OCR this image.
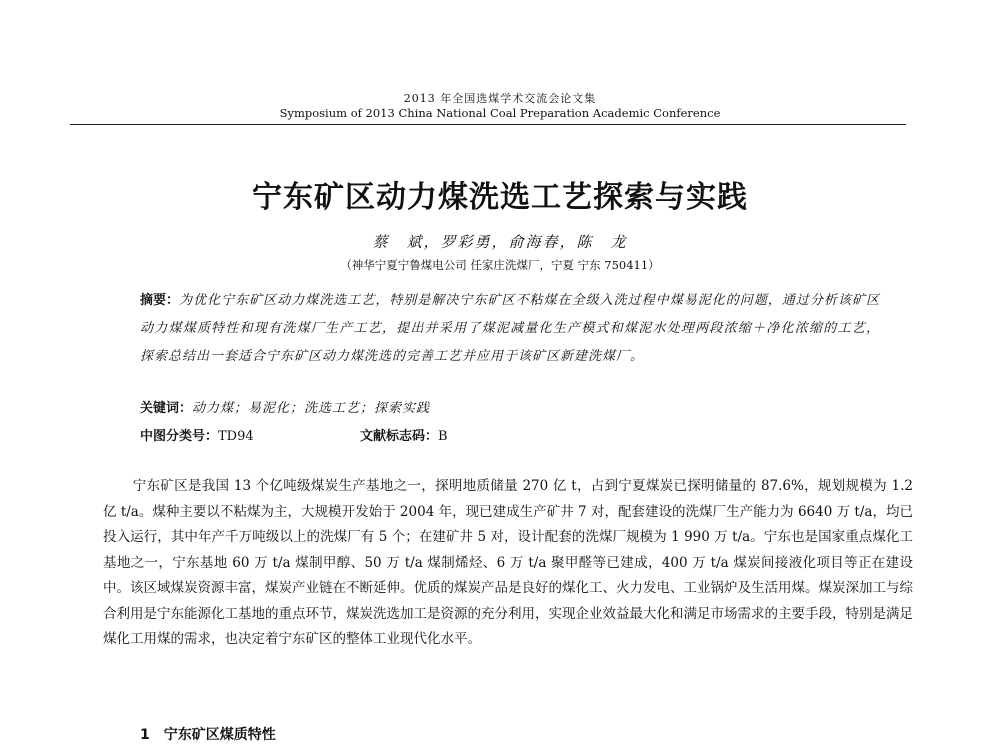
2013 年全国选煤学术交流会论文集
Symposium of 2013 China National Coal Preparation Academic Conference
宁东矿区动力煤洗选工艺探索与实践
蔡　斌，罗彩勇，俞海春，陈　龙
（神华宁夏宁鲁煤电公司 任家庄洗煤厂，宁夏 宁东 750411）
摘要：为优化宁东矿区动力煤洗选工艺，特别是解决宁东矿区不粘煤在全级入洗过程中煤易泥化的问题，通过分析该矿区动力煤煤质特性和现有洗煤厂生产工艺，提出并采用了煤泥减量化生产模式和煤泥水处理两段浓缩＋净化浓缩的工艺，探索总结出一套适合宁东矿区动力煤洗选的完善工艺并应用于该矿区新建洗煤厂。
关键词：动力煤；易泥化；洗选工艺；探索实践
中图分类号：TD94	文献标志码：B

宁东矿区是我国 13 个亿吨级煤炭生产基地之一，探明地质储量 270 亿 t，占到宁夏煤炭已探明储量的 87.6%，规划规模为 1.2 亿 t/a。煤种主要以不粘煤为主，大规模开发始于 2004 年，现已建成生产矿井 7 对，配套建设的洗煤厂生产能力为 6640 万 t/a，均已投入运行，其中年产千万吨级以上的洗煤厂有 5 个；在建矿井 5 对，设计配套的洗煤厂规模为 1 990 万 t/a。宁东也是国家重点煤化工基地之一，宁东基地 60 万 t/a 煤制甲醇、50 万 t/a 煤制烯烃、6 万 t/a 聚甲醛等已建成，400 万 t/a 煤炭间接液化项目等正在建设中。该区域煤炭资源丰富，煤炭产业链在不断延伸。优质的煤炭产品是良好的煤化工、火力发电、工业锅炉及生活用煤。煤炭深加工与综合利用是宁东能源化工基地的重点环节，煤炭洗选加工是资源的充分利用，实现企业效益最大化和满足市场需求的主要手段，特别是满足煤化工用煤的需求，也决定着宁东矿区的整体工业现代化水平。

1　宁东矿区煤质特性
